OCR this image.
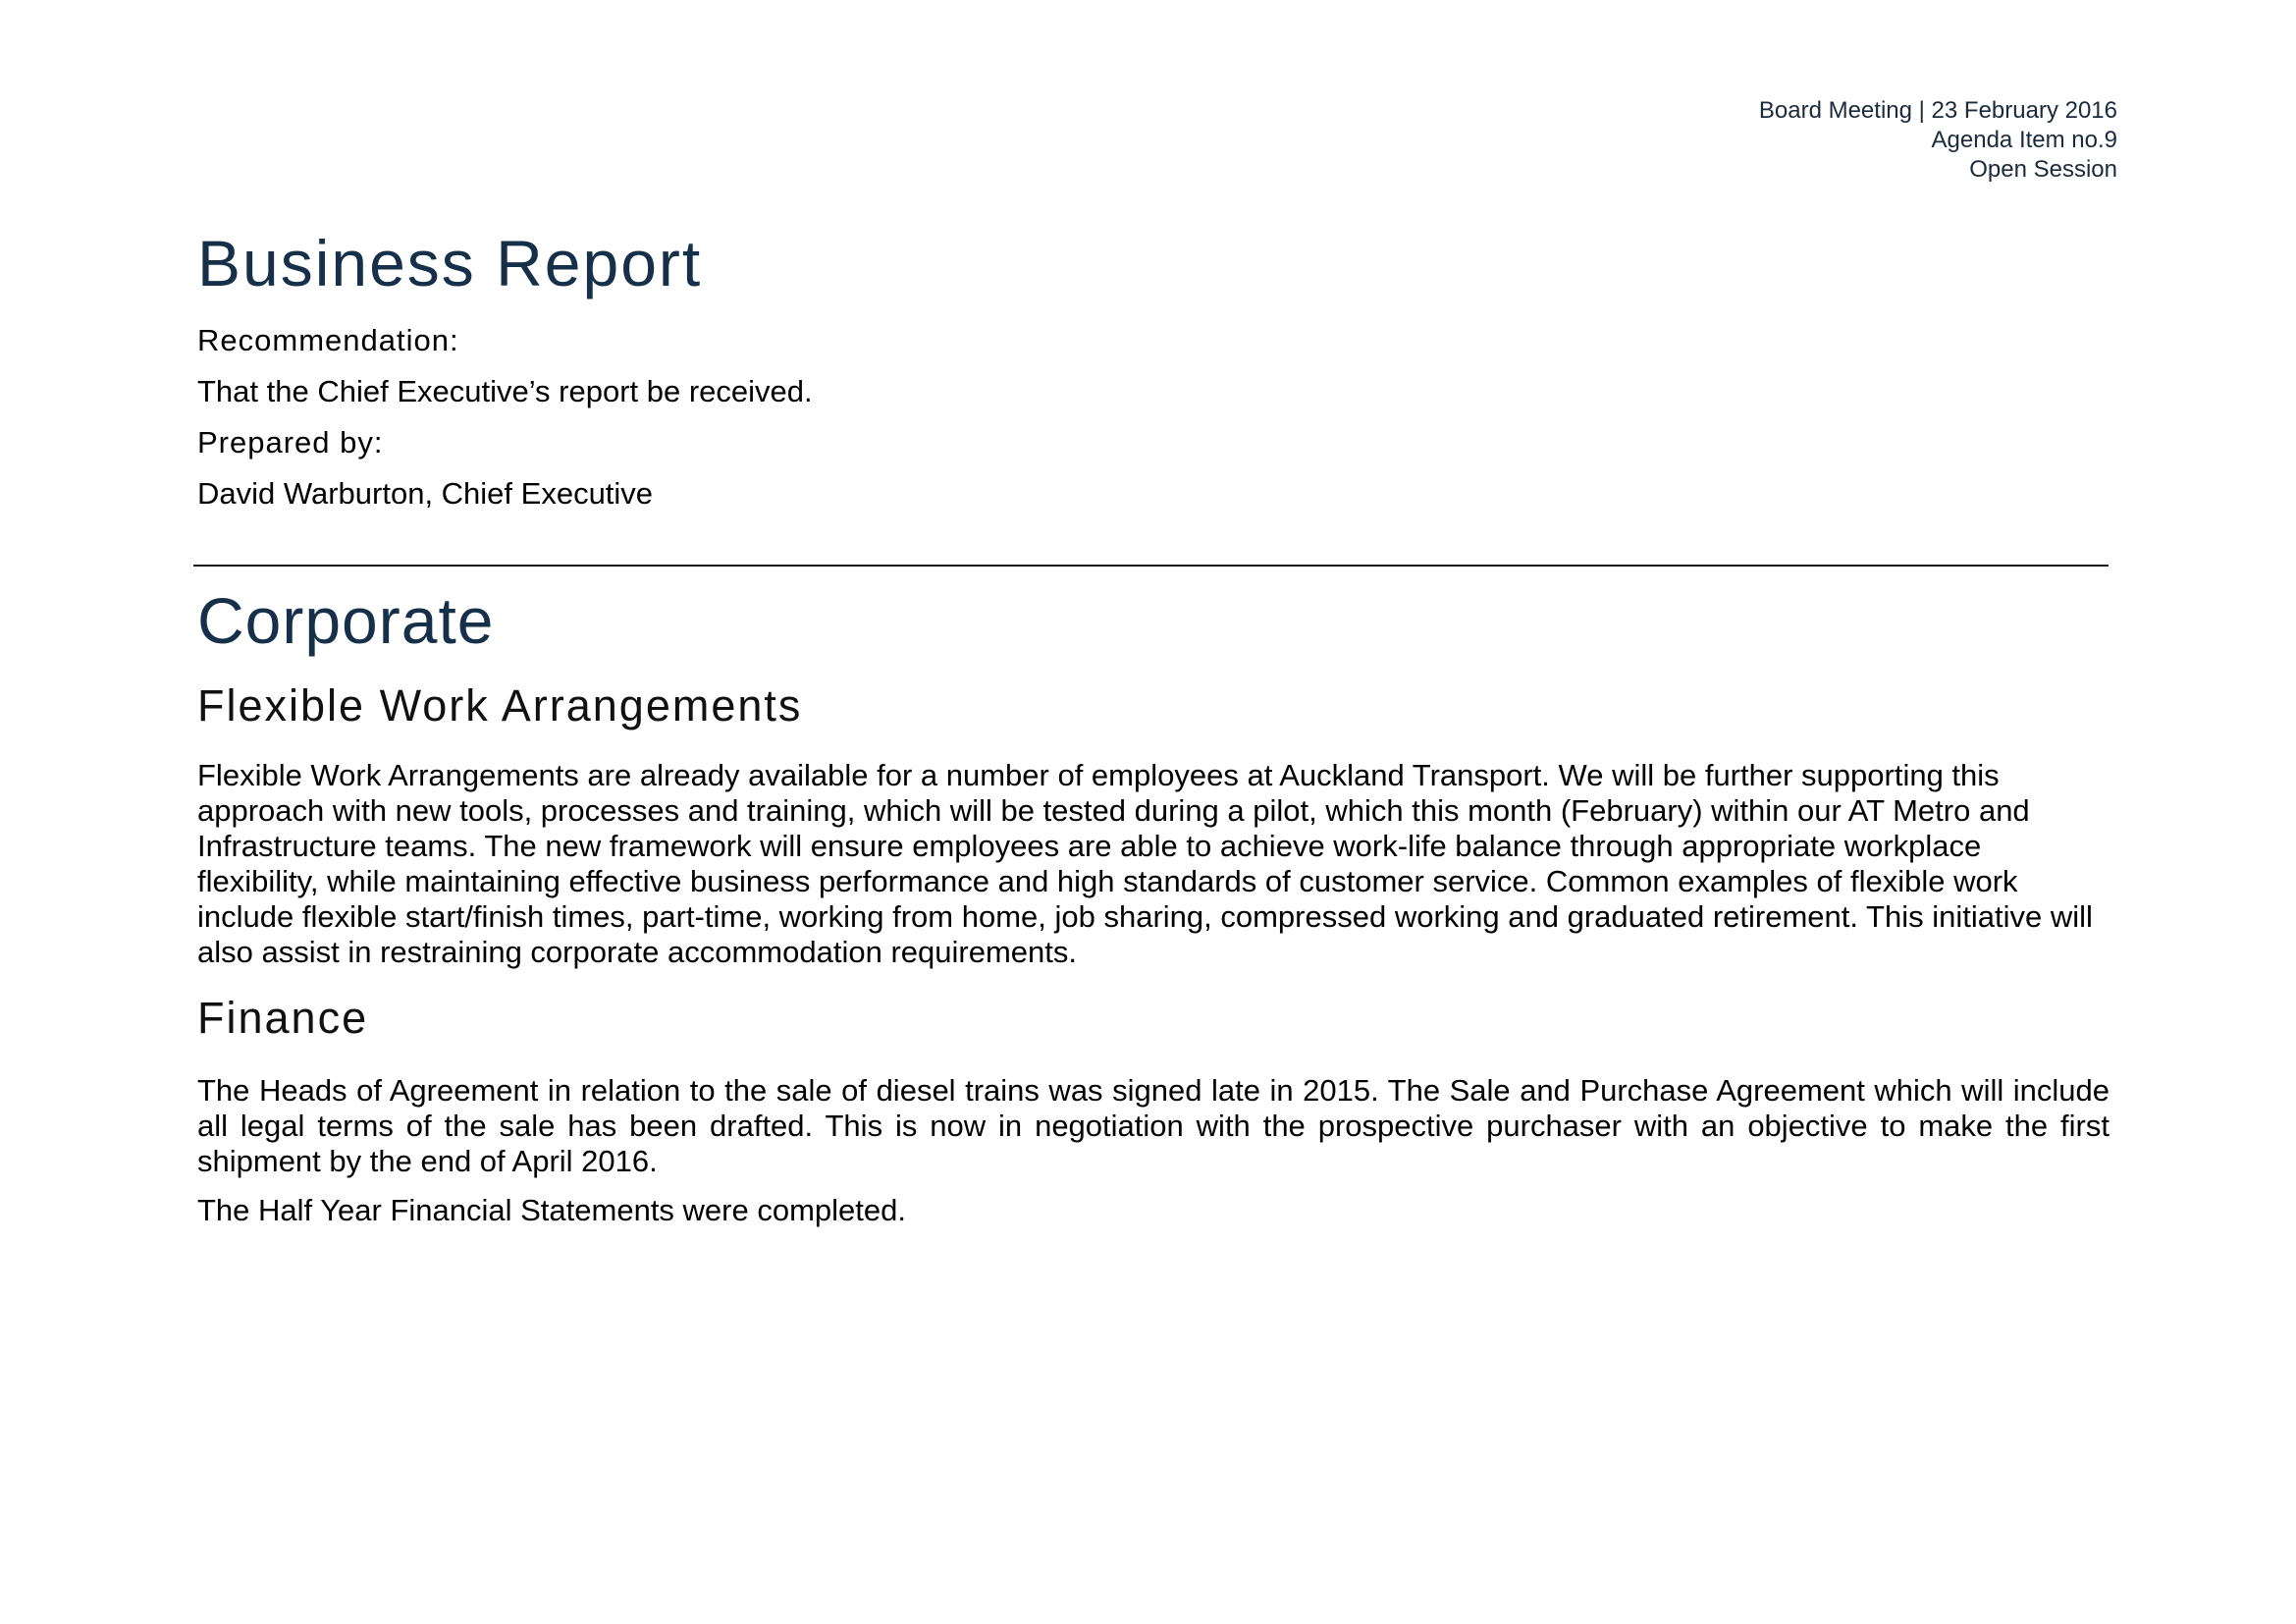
Board Meeting | 23 February 2016
Agenda Item no.9
Open Session
Business Report

Recommendation:

That the Chief Executive’s report be received.

Prepared by:

David Warburton, Chief Executive

Corporate
Flexible Work Arrangements

Flexible Work Arrangements are already available for a number of employees at Auckland Transport. We will be further supporting this approach with new tools, processes and training, which will be tested during a pilot, which this month (February) within our AT Metro and Infrastructure teams. The new framework will ensure employees are able to achieve work-life balance through appropriate workplace flexibility, while maintaining effective business performance and high standards of customer service. Common examples of flexible work include flexible start/finish times, part-time, working from home, job sharing, compressed working and graduated retirement. This initiative will also assist in restraining corporate accommodation requirements.

Finance

The Heads of Agreement in relation to the sale of diesel trains was signed late in 2015. The Sale and Purchase Agreement which will include all legal terms of the sale has been drafted. This is now in negotiation with the prospective purchaser with an objective to make the first shipment by the end of April 2016.

The Half Year Financial Statements were completed.
